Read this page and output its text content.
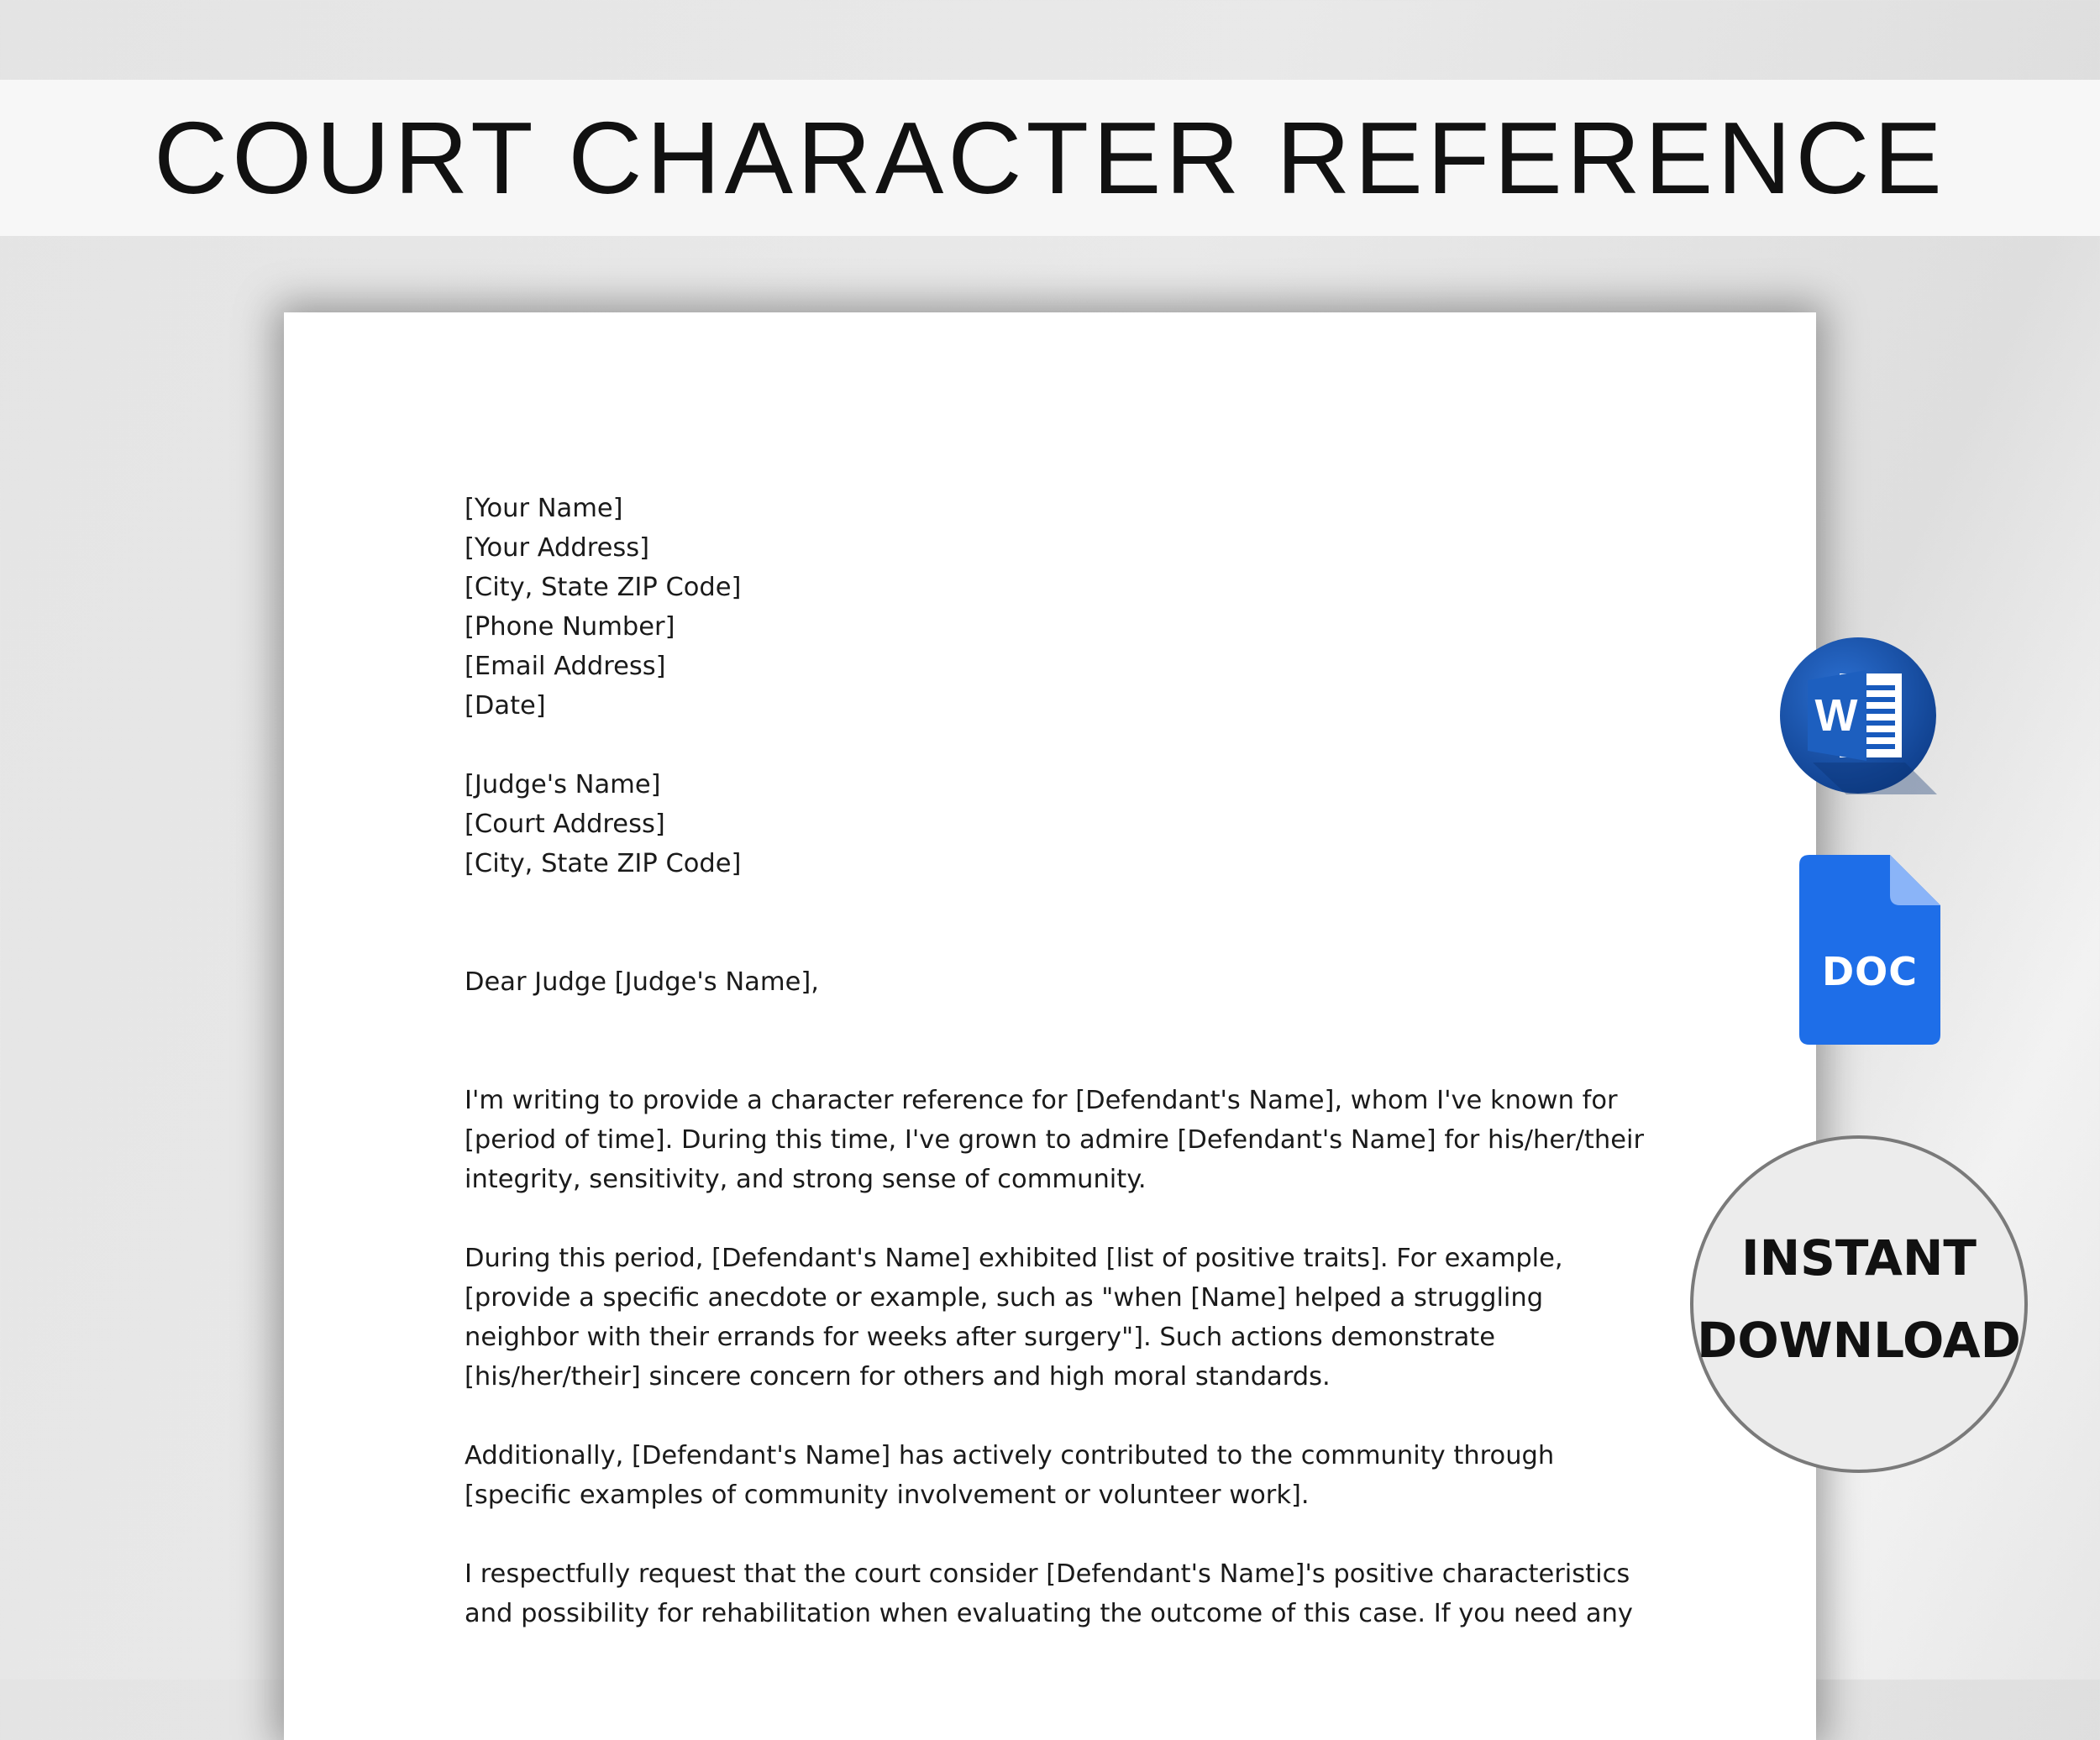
COURT CHARACTER REFERENCE
[Your Name]
[Your Address]
[City, State ZIP Code]
[Phone Number]
[Email Address]
[Date]
[Judge's Name]
[Court Address]
[City, State ZIP Code]
Dear Judge [Judge's Name],

I'm writing to provide a character reference for [Defendant's Name], whom I've known for [period of time]. During this time, I've grown to admire [Defendant's Name] for his/her/their integrity, sensitivity, and strong sense of community.

During this period, [Defendant's Name] exhibited [list of positive traits]. For example, [provide a specific anecdote or example, such as "when [Name] helped a struggling neighbor with their errands for weeks after surgery"]. Such actions demonstrate [his/her/their] sincere concern for others and high moral standards.

Additionally, [Defendant's Name] has actively contributed to the community through [specific examples of community involvement or volunteer work].

I respectfully request that the court consider [Defendant's Name]'s positive characteristics and possibility for rehabilitation when evaluating the outcome of this case. If you need any

W
DOC
INSTANT
DOWNLOAD
